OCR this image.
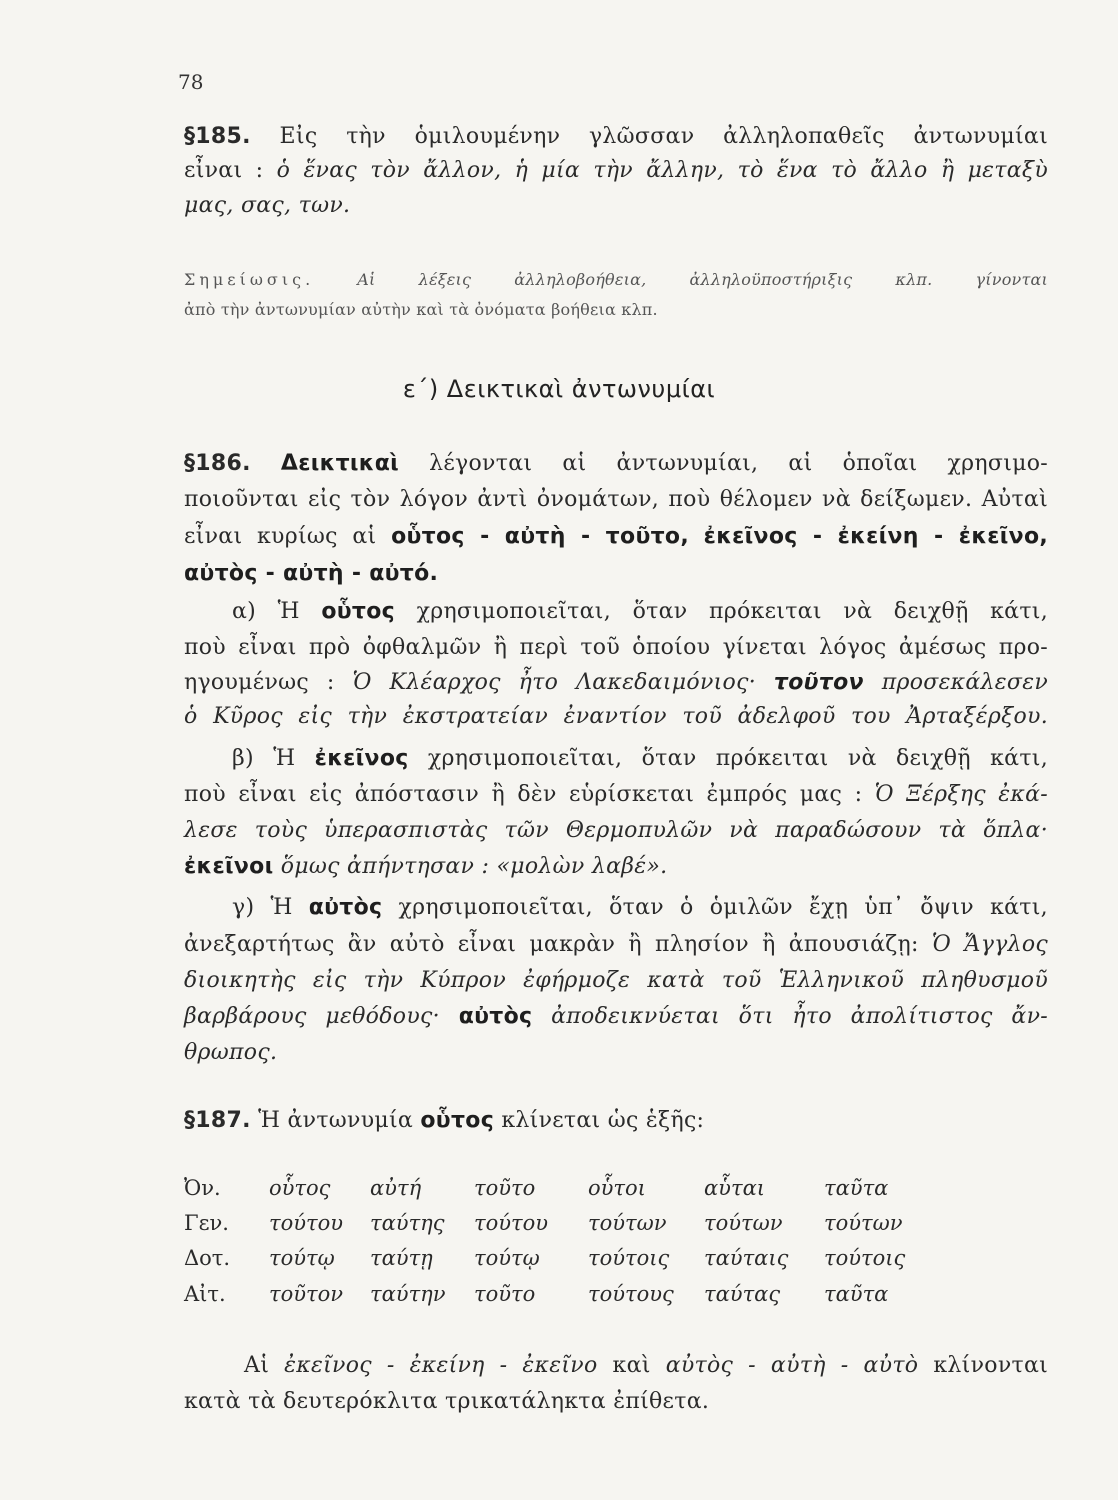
78
§185. Εἰς τὴν ὁμιλουμένην γλῶσσαν ἀλληλοπαθεῖς ἀντωνυμίαι
εἶναι : ὁ ἕνας τὸν ἄλλον, ἡ μία τὴν ἄλλην, τὸ ἕνα τὸ ἄλλο ἢ μεταξὺ
μας, σας, των.
Σημείωσις.	Αἱ λέξεις ἀλληλοβοήθεια, ἀλληλοϋποστήριξις κλπ. γίνονται
ἀπὸ τὴν ἀντωνυμίαν αὐτὴν καὶ τὰ ὀνόματα βοήθεια κλπ.
ε΄) Δεικτικαὶ ἀντωνυμίαι
§186. Δεικτικαὶ λέγονται αἱ ἀντωνυμίαι, αἱ ὁποῖαι χρησιμο-
ποιοῦνται εἰς τὸν λόγον ἀντὶ ὀνομάτων, ποὺ θέλομεν νὰ δείξωμεν. Αὐταὶ
εἶναι κυρίως αἱ οὗτος - αὐτὴ - τοῦτο, ἐκεῖνος - ἐκείνη - ἐκεῖνο,
αὐτὸς - αὐτὴ - αὐτό.
α) Ἡ οὗτος χρησιμοποιεῖται, ὅταν πρόκειται νὰ δειχθῇ κάτι,
ποὺ εἶναι πρὸ ὀφθαλμῶν ἢ περὶ τοῦ ὁποίου γίνεται λόγος ἀμέσως προ-
ηγουμένως : Ὁ Κλέαρχος ἦτο Λακεδαιμόνιος· τοῦτον προσεκάλεσεν
ὁ Κῦρος εἰς τὴν ἐκστρατείαν ἐναντίον τοῦ ἀδελφοῦ του Ἀρταξέρξου.
β) Ἡ ἐκεῖνος χρησιμοποιεῖται, ὅταν πρόκειται νὰ δειχθῇ κάτι,
ποὺ εἶναι εἰς ἀπόστασιν ἢ δὲν εὑρίσκεται ἐμπρός μας : Ὁ Ξέρξης ἐκά-
λεσε τοὺς ὑπερασπιστὰς τῶν Θερμοπυλῶν νὰ παραδώσουν τὰ ὅπλα·
ἐκεῖνοι ὅμως ἀπήντησαν : «μολὼν λαβέ».
γ) Ἡ αὐτὸς χρησιμοποιεῖται, ὅταν ὁ ὁμιλῶν ἔχῃ ὑπ᾿ ὄψιν κάτι,
ἀνεξαρτήτως ἂν αὐτὸ εἶναι μακρὰν ἢ πλησίον ἢ ἀπουσιάζῃ: Ὁ Ἄγγλος
διοικητὴς εἰς τὴν Κύπρον ἐφήρμοζε κατὰ τοῦ Ἑλληνικοῦ πληθυσμοῦ
βαρβάρους μεθόδους· αὐτὸς ἀποδεικνύεται ὅτι ἦτο ἀπολίτιστος ἄν-
θρωπος.
§187. Ἡ ἀντωνυμία οὗτος κλίνεται ὡς ἑξῆς:
Ὀν. οὗτος αὐτή	τοῦτο	οὗτοι	αὗται	ταῦτα
Γεν. τούτου ταύτης τούτου τούτων τούτων τούτων
Δοτ. τούτῳ ταύτῃ τούτῳ τούτοις ταύταις τούτοις
Αἰτ. τοῦτον ταύτην τοῦτο	τούτους ταύτας ταῦτα
Αἱ ἐκεῖνος - ἐκείνη - ἐκεῖνο καὶ αὐτὸς - αὐτὴ - αὐτὸ κλίνονται
κατὰ τὰ δευτερόκλιτα τρικατάληκτα ἐπίθετα.
